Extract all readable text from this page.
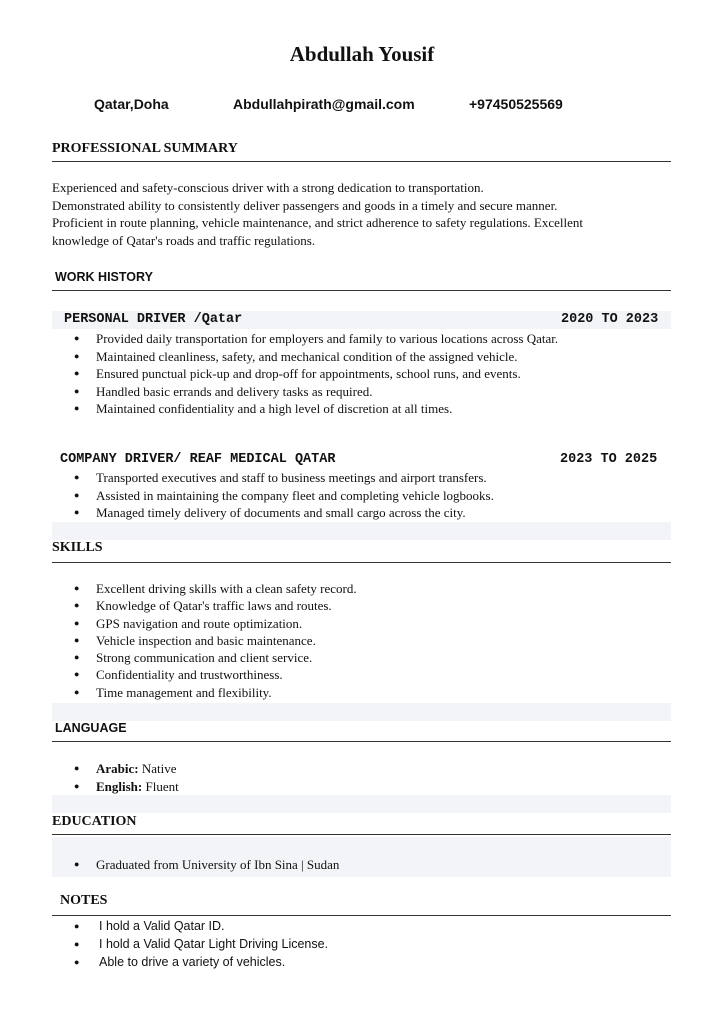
Abdullah Yousif
Qatar,Doha	Abdullahpirath@gmail.com	+97450525569
PROFESSIONAL SUMMARY
Experienced and safety-conscious driver with a strong dedication to transportation.
Demonstrated ability to consistently deliver passengers and goods in a timely and secure manner.
Proficient in route planning, vehicle maintenance, and strict adherence to safety regulations. Excellent
knowledge of Qatar's roads and traffic regulations.
WORK HISTORY
PERSONAL DRIVER /Qatar	2020 TO 2023
● Provided daily transportation for employers and family to various locations across Qatar.
● Maintained cleanliness, safety, and mechanical condition of the assigned vehicle.
● Ensured punctual pick-up and drop-off for appointments, school runs, and events.
● Handled basic errands and delivery tasks as required.
● Maintained confidentiality and a high level of discretion at all times.
COMPANY DRIVER/ REAF MEDICAL QATAR	2023 TO 2025
● Transported executives and staff to business meetings and airport transfers.
● Assisted in maintaining the company fleet and completing vehicle logbooks.
● Managed timely delivery of documents and small cargo across the city.
SKILLS
● Excellent driving skills with a clean safety record.
● Knowledge of Qatar's traffic laws and routes.
● GPS navigation and route optimization.
● Vehicle inspection and basic maintenance.
● Strong communication and client service.
● Confidentiality and trustworthiness.
● Time management and flexibility.
LANGUAGE
● Arabic: Native
● English: Fluent
EDUCATION
● Graduated from University of Ibn Sina | Sudan
NOTES
● I hold a Valid Qatar ID.
● I hold a Valid Qatar Light Driving License.
● Able to drive a variety of vehicles.
